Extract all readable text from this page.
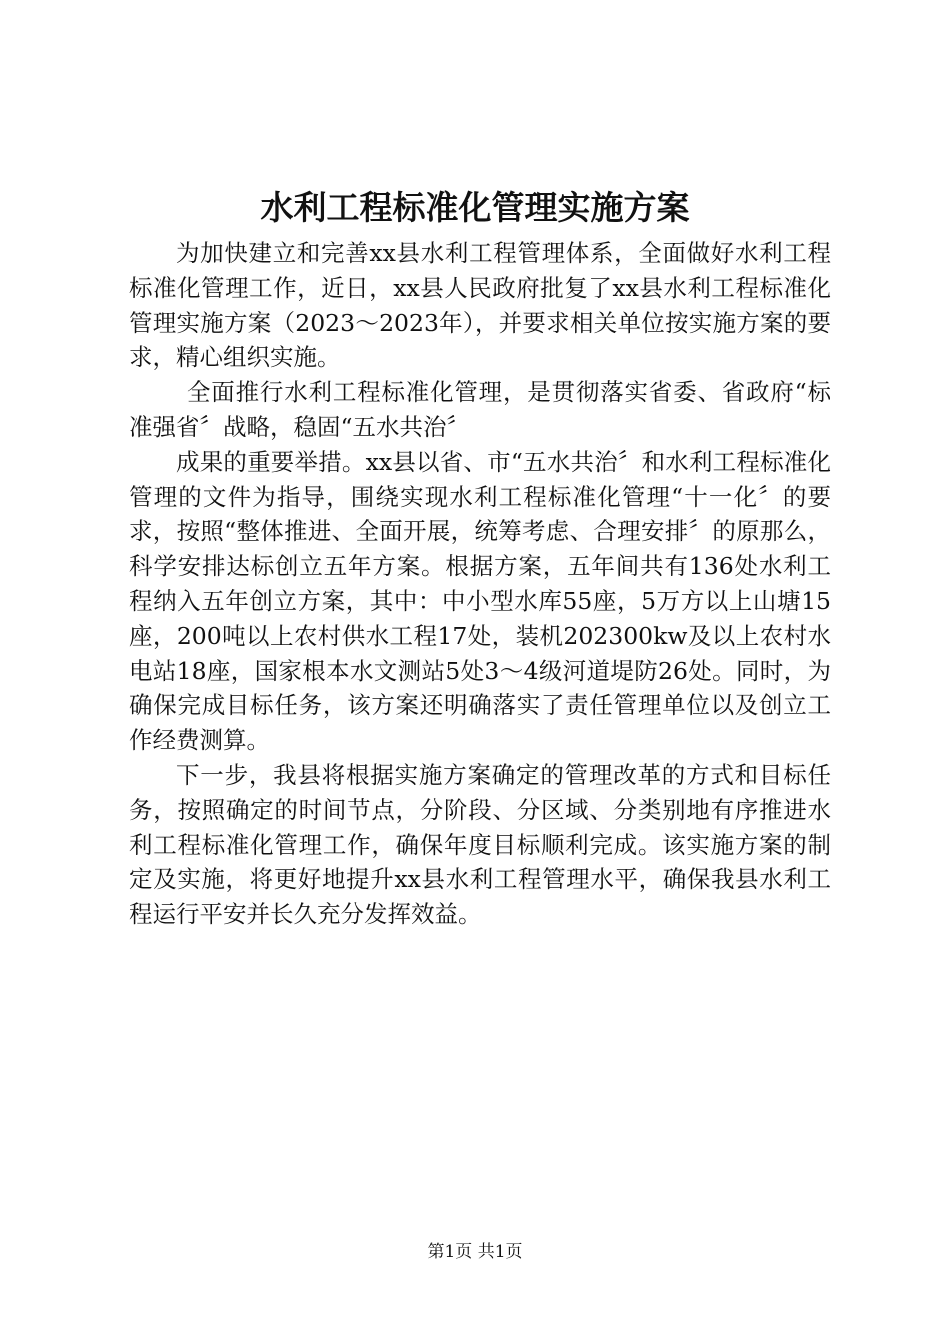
水利工程标准化管理实施方案

为加快建立和完善xx县水利工程管理体系，全面做好水利工程标准化管理工作，近日，xx县人民政府批复了xx县水利工程标准化管理实施方案（2023～2023年），并要求相关单位按实施方案的要求，精心组织实施。

全面推行水利工程标准化管理，是贯彻落实省委、省政府“标准强省〞战略，稳固“五水共治〞

成果的重要举措。xx县以省、市“五水共治〞和水利工程标准化管理的文件为指导，围绕实现水利工程标准化管理“十一化〞的要求，按照“整体推进、全面开展，统筹考虑、合理安排〞的原那么，科学安排达标创立五年方案。根据方案，五年间共有136处水利工程纳入五年创立方案，其中：中小型水库55座，5万方以上山塘15座，200吨以上农村供水工程17处，装机202300kw及以上农村水电站18座，国家根本水文测站5处3～4级河道堤防26处。同时，为确保完成目标任务，该方案还明确落实了责任管理单位以及创立工作经费测算。

下一步，我县将根据实施方案确定的管理改革的方式和目标任务，按照确定的时间节点，分阶段、分区域、分类别地有序推进水利工程标准化管理工作，确保年度目标顺利完成。该实施方案的制定及实施，将更好地提升xx县水利工程管理水平，确保我县水利工程运行平安并长久充分发挥效益。

第1页 共1页
